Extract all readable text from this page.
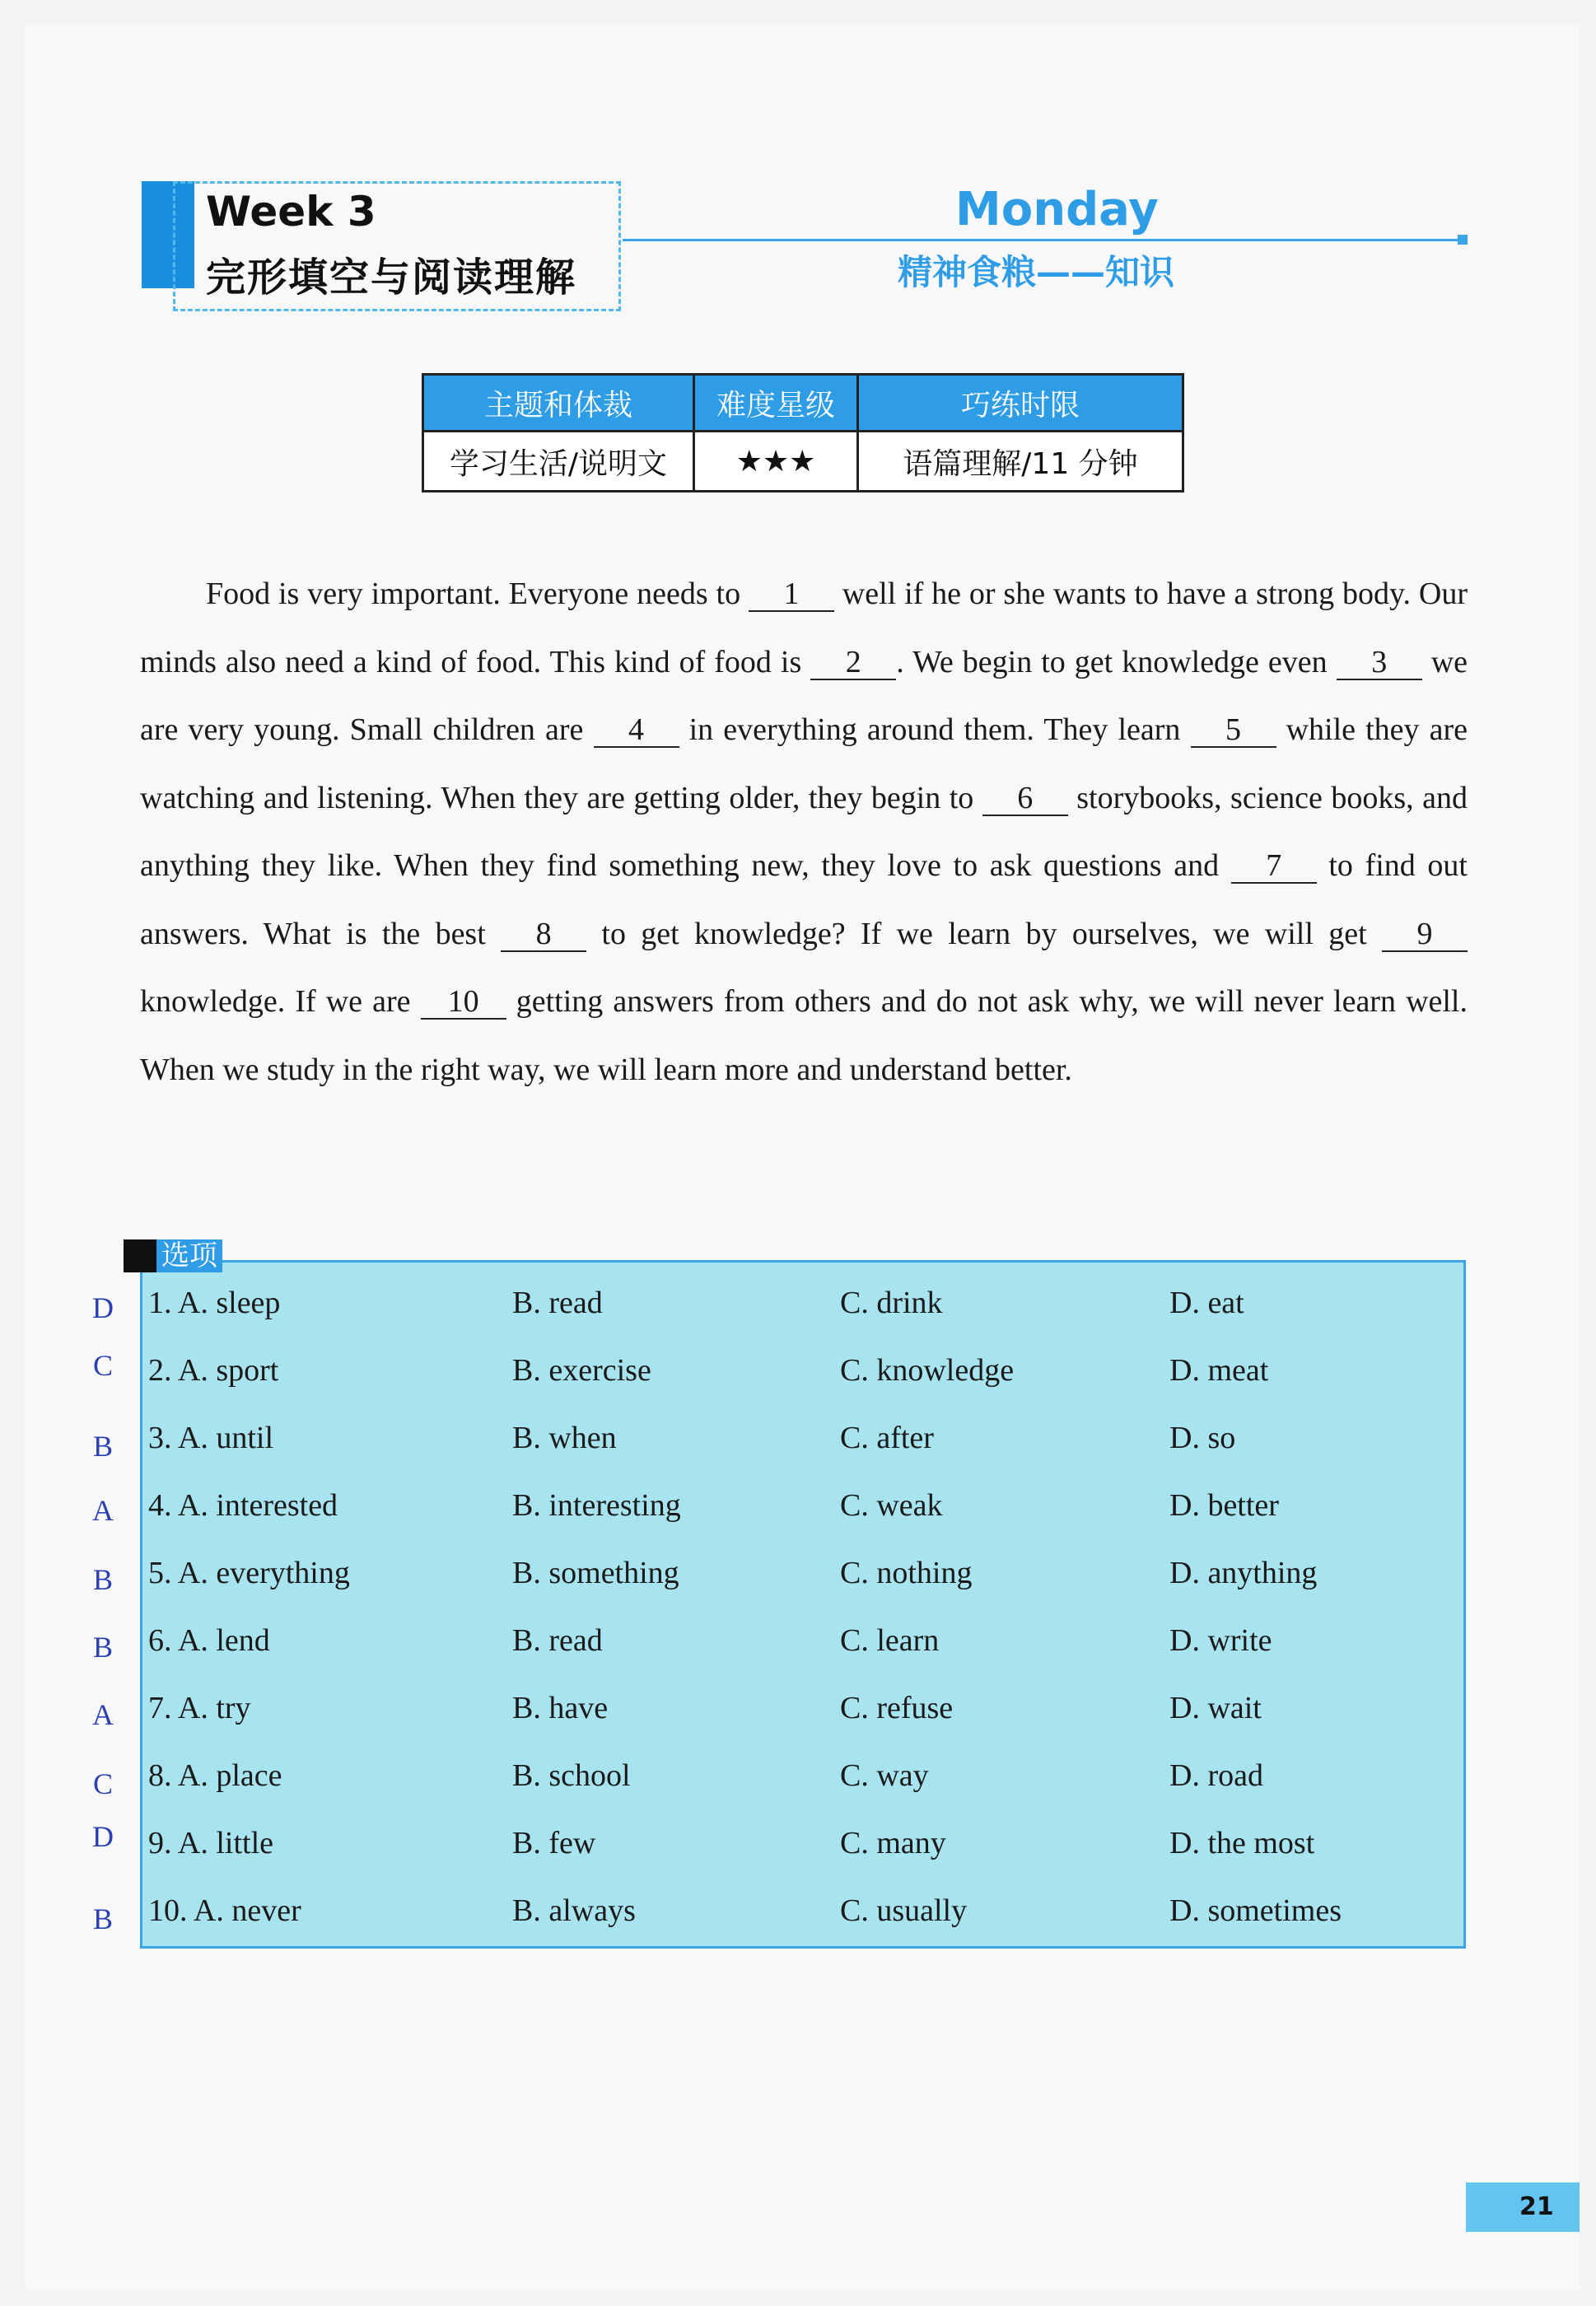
Week 3
完形填空与阅读理解
Monday
精神食粮——知识
主题和体裁	难度星级	巧练时限
学习生活/说明文	★★★	语篇理解/11 分钟

Food is very important. Everyone needs to 1 well if he or she wants to have a strong body. Our minds also need a kind of food. This kind of food is 2 . We begin to get knowledge even 3 we are very young. Small children are 4 in everything around them. They learn 5 while they are watching and listening. When they are getting older, they begin to 6 storybooks, science books, and anything they like. When they find something new, they love to ask questions and 7 to find out answers. What is the best 8 to get knowledge? If we learn by ourselves, we will get 9 knowledge. If we are 10 getting answers from others and do not ask why, we will never learn well. When we study in the right way, we will learn more and understand better.

选项
1. A. sleep	B. read	C. drink	D. eat
2. A. sport	B. exercise	C. knowledge	D. meat
3. A. until	B. when	C. after	D. so
4. A. interested	B. interesting	C. weak	D. better
5. A. everything	B. something	C. nothing	D. anything
6. A. lend	B. read	C. learn	D. write
7. A. try	B. have	C. refuse	D. wait
8. A. place	B. school	C. way	D. road
9. A. little	B. few	C. many	D. the most
10. A. never	B. always	C. usually	D. sometimes
D
C
B
A
B
B
A
C
D
B
21
